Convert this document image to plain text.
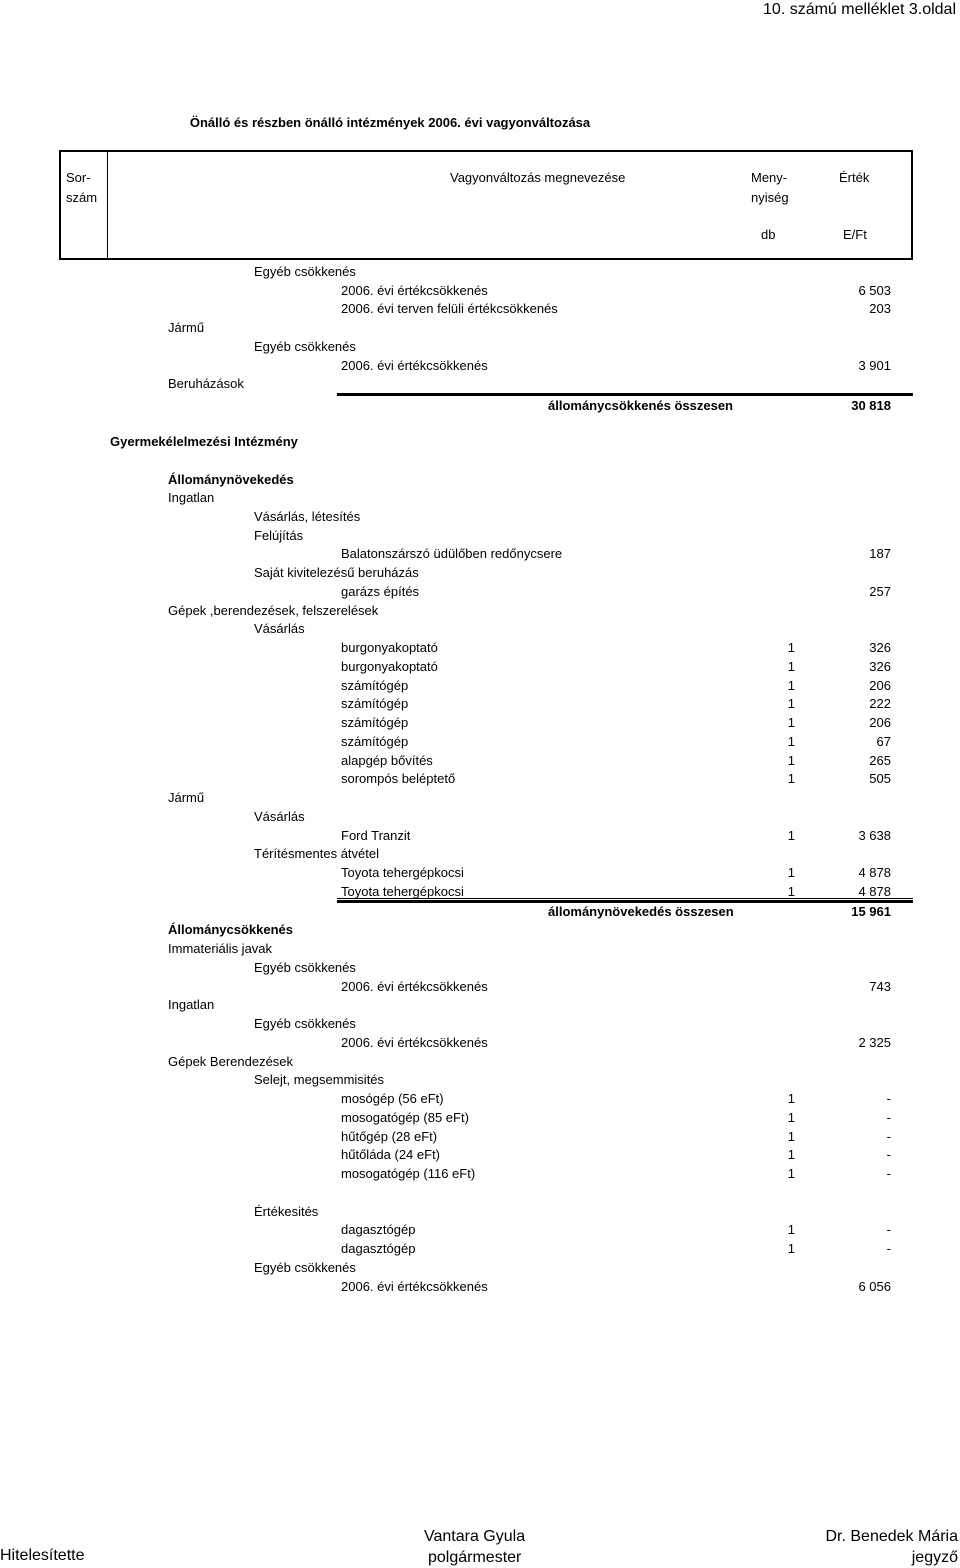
10. számú melléklet 3.oldal
Önálló és részben önálló intézmények 2006. évi vagyonváltozása
Sor-
szám
Vagyonváltozás megnevezése	Meny-
nyiség
Érték
db	E/Ft
Egyéb csökkenés
2006. évi értékcsökkenés	6 503
2006. évi terven felüli értékcsökkenés	203
Jármű
Egyéb csökkenés
2006. évi értékcsökkenés	3 901
Beruházások
állománycsökkenés összesen	30 818
Gyermekélelmezési Intézmény
Állománynövekedés
Ingatlan
Vásárlás, létesítés
Felújítás
Balatonszárszó üdülőben redőnycsere	187
Saját kivitelezésű beruházás
garázs építés	257
Gépek ,berendezések, felszerelések
Vásárlás
burgonyakoptató	1	326
burgonyakoptató	1	326
számítógép	1	206
számítógép	1	222
számítógép	1	206
számítógép	1	67
alapgép bővítés	1	265
sorompós beléptető	1	505
Jármű
Vásárlás
Ford Tranzit	1	3 638
Térítésmentes átvétel
Toyota tehergépkocsi	1	4 878
Toyota tehergépkocsi	1	4 878
állománynövekedés összesen	15 961
Állománycsökkenés
Immateriális javak
Egyéb csökkenés
2006. évi értékcsökkenés	743
Ingatlan
Egyéb csökkenés
2006. évi értékcsökkenés	2 325
Gépek Berendezések
Selejt, megsemmisités
mosógép (56 eFt)	1	-
mosogatógép (85 eFt)	1	-
hűtőgép (28 eFt)	1	-
hűtőláda (24 eFt)	1	-
mosogatógép (116 eFt)	1	-
Értékesités
dagasztógép	1	-
dagasztógép	1	-
Egyéb csökkenés
2006. évi értékcsökkenés	6 056
Hitelesítette
Vantara Gyula
polgármester
Dr. Benedek Mária
jegyző
